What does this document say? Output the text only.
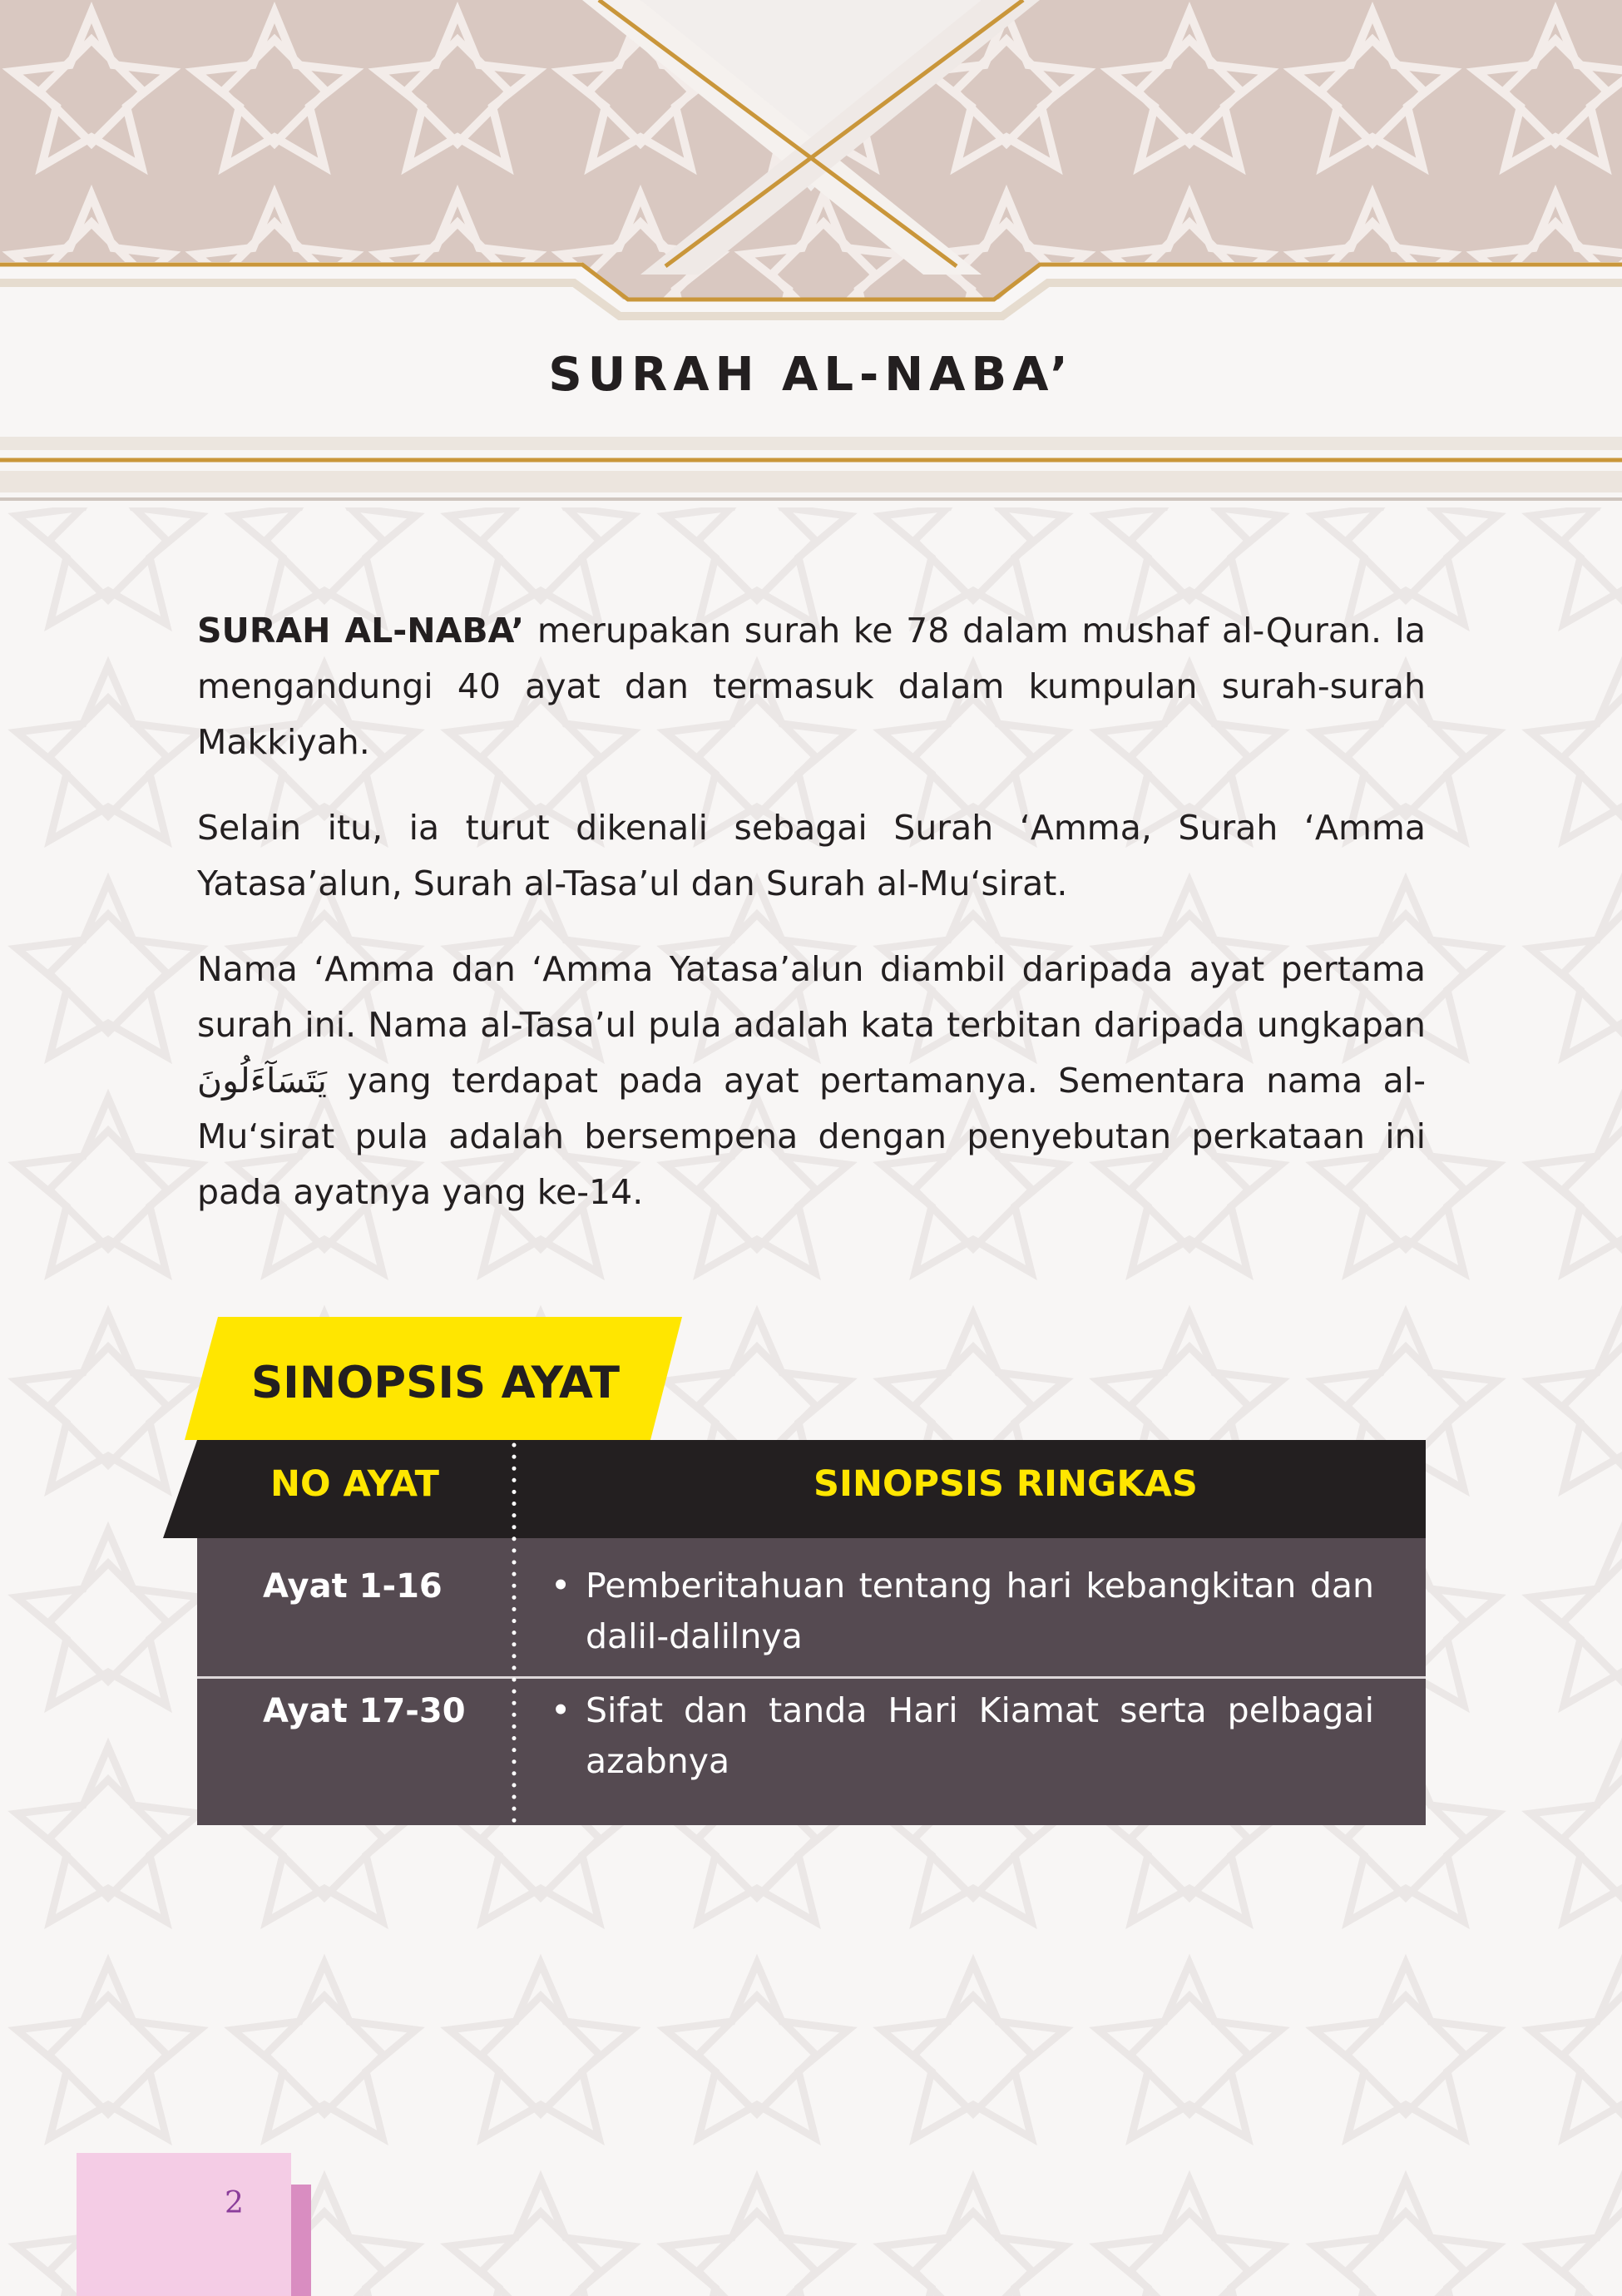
SURAH AL-NABA’

SURAH AL-NABA’ merupakan surah ke 78 dalam mushaf al-Quran. Ia mengandungi 40 ayat dan termasuk dalam kumpulan surah-surah Makkiyah.

Selain itu, ia turut dikenali sebagai Surah ‘Amma, Surah ‘Amma Yatasa’alun, Surah al-Tasa’ul dan Surah al-Mu‘sirat.

Nama ‘Amma dan ‘Amma Yatasa’alun diambil daripada ayat pertama surah ini. Nama al-Tasa’ul pula adalah kata terbitan daripada ungkapan يَتَسَآءَلُونَ yang terdapat pada ayat pertamanya. Sementara nama al-Mu‘sirat pula adalah bersempena dengan penyebutan perkataan ini pada ayatnya yang ke-14.

SINOPSIS AYAT
NO AYAT	SINOPSIS RINGKAS
Ayat 1-16	• Pemberitahuan tentang hari kebangkitan dan dalil-dalilnya
Ayat 17-30 • Sifat dan tanda Hari Kiamat serta pelbagai azabnya
2
